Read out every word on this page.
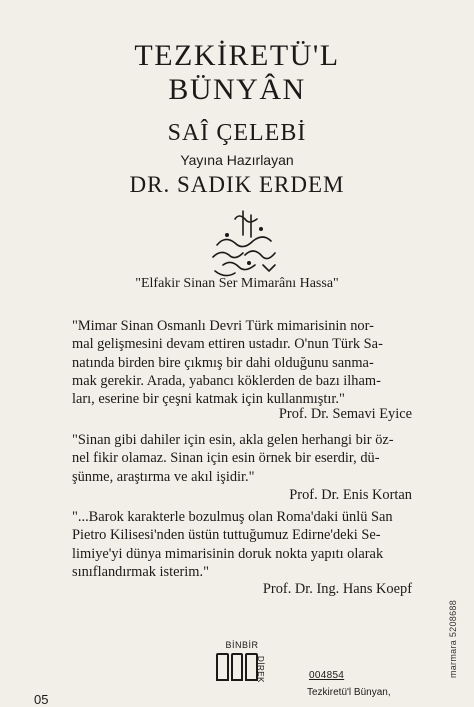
TEZKİRETÜ'L
BÜNYÂN
SAÎ ÇELEBİ
Yayına Hazırlayan
DR. SADIK ERDEM
"Elfakir Sinan Ser Mimarânı Hassa"
"Mimar Sinan Osmanlı Devri Türk mimarisinin nor-
mal gelişmesini devam ettiren ustadır. O'nun Türk Sa-
natında birden bire çıkmış bir dahi olduğunu sanma-
mak gerekir. Arada, yabancı köklerden de bazı ilham-
ları, eserine bir çeşni katmak için kullanmıştır."
Prof. Dr. Semavi Eyice
"Sinan gibi dahiler için esin, akla gelen herhangi bir öz-
nel fikir olamaz. Sinan için esin örnek bir eserdir, dü-
şünme, araştırma ve akıl işidir."
Prof. Dr. Enis Kortan
"...Barok karakterle bozulmuş olan Roma'daki ünlü San
Pietro Kilisesi'nden üstün tuttuğumuz Edirne'deki Se-
limiye'yi dünya mimarisinin doruk nokta yapıtı olarak
sınıflandırmak isterim."
Prof. Dr. Ing. Hans Koepf
05
BİNBİR
DİREK	004854
Tezkiretü'l Bünyan,
marmara 5208688
